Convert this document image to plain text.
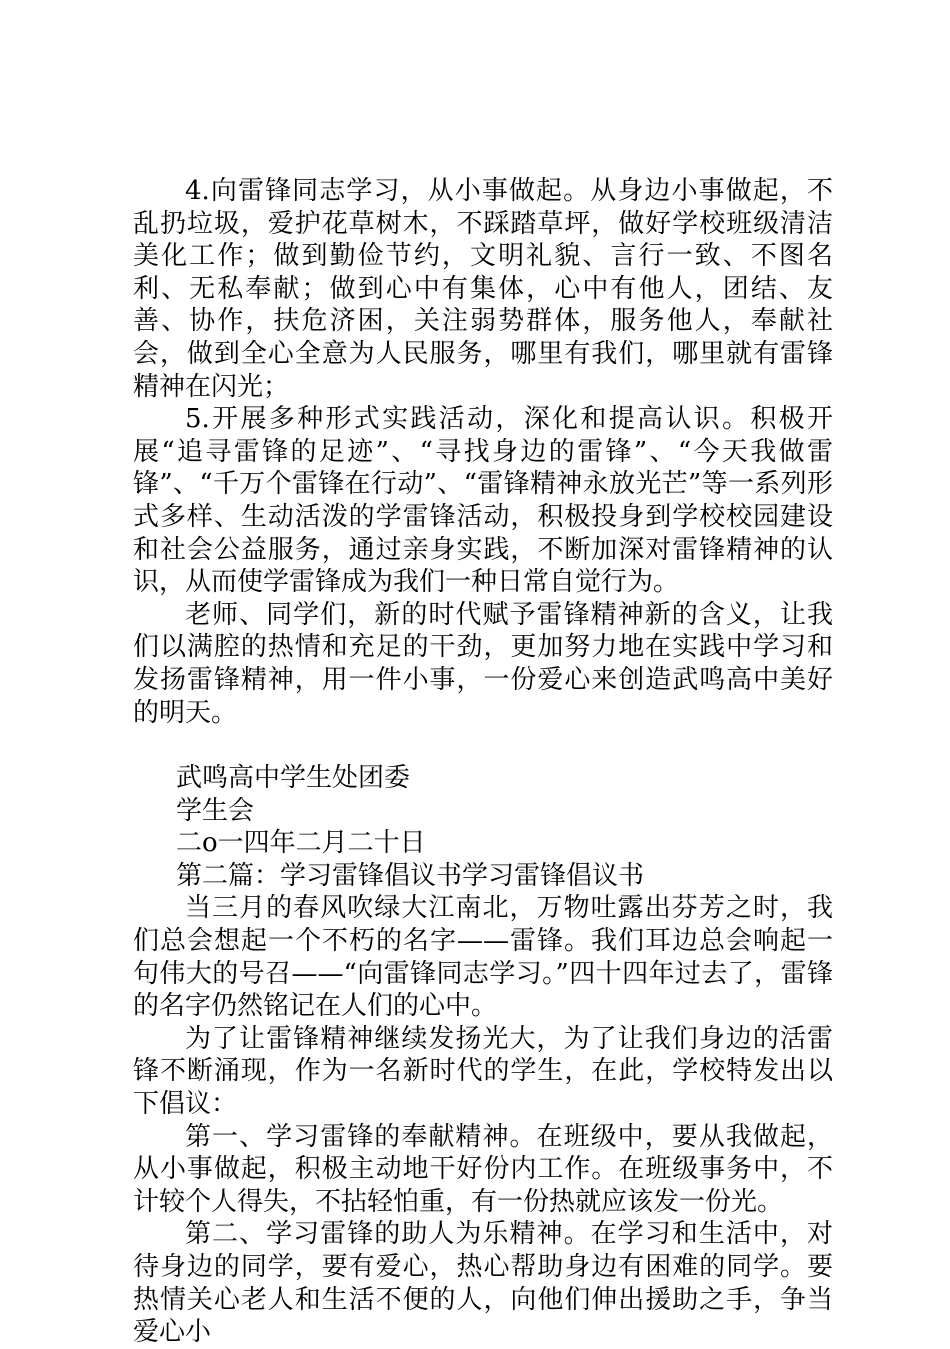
4.向雷锋同志学习，从小事做起。从身边小事做起，不乱扔垃圾，爱护花草树木，不踩踏草坪，做好学校班级清洁美化工作；做到勤俭节约，文明礼貌、言行一致、不图名利、无私奉献；做到心中有集体，心中有他人，团结、友善、协作，扶危济困，关注弱势群体，服务他人，奉献社会，做到全心全意为人民服务，哪里有我们，哪里就有雷锋精神在闪光；

5.开展多种形式实践活动，深化和提高认识。积极开展“追寻雷锋的足迹”、“寻找身边的雷锋”、“今天我做雷锋”、“千万个雷锋在行动”、“雷锋精神永放光芒”等一系列形式多样、生动活泼的学雷锋活动，积极投身到学校校园建设和社会公益服务，通过亲身实践，不断加深对雷锋精神的认识，从而使学雷锋成为我们一种日常自觉行为。

老师、同学们，新的时代赋予雷锋精神新的含义，让我们以满腔的热情和充足的干劲，更加努力地在实践中学习和发扬雷锋精神，用一件小事，一份爱心来创造武鸣高中美好的明天。

武鸣高中学生处团委

学生会

二o一四年二月二十日

第二篇：学习雷锋倡议书学习雷锋倡议书

当三月的春风吹绿大江南北，万物吐露出芬芳之时，我们总会想起一个不朽的名字——雷锋。我们耳边总会响起一句伟大的号召——“向雷锋同志学习。”四十四年过去了，雷锋的名字仍然铭记在人们的心中。

为了让雷锋精神继续发扬光大，为了让我们身边的活雷锋不断涌现，作为一名新时代的学生，在此，学校特发出以下倡议：

第一、学习雷锋的奉献精神。在班级中，要从我做起，从小事做起，积极主动地干好份内工作。在班级事务中，不计较个人得失，不拈轻怕重，有一份热就应该发一份光。

第二、学习雷锋的助人为乐精神。在学习和生活中，对待身边的同学，要有爱心，热心帮助身边有困难的同学。要热情关心老人和生活不便的人，向他们伸出援助之手，争当爱心小
